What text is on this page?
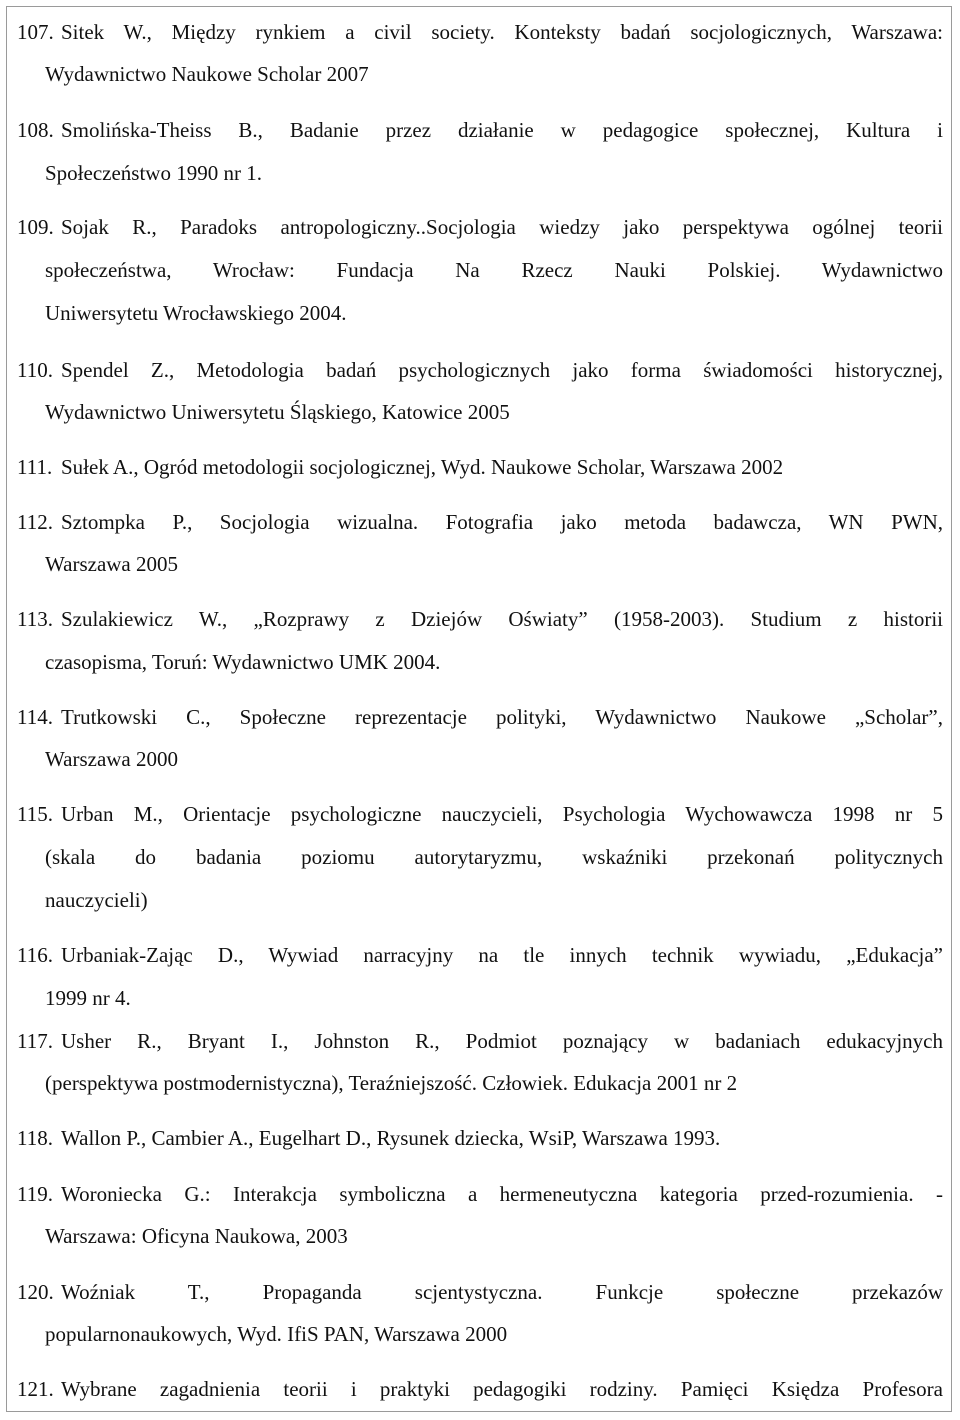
107. Sitek W., Między rynkiem a civil society. Konteksty badań socjologicznych, Warszawa:
Wydawnictwo Naukowe Scholar 2007
108. Smolińska-Theiss B., Badanie przez działanie w pedagogice społecznej, Kultura i
Społeczeństwo 1990 nr 1.
109. Sojak R., Paradoks antropologiczny..Socjologia wiedzy jako perspektywa ogólnej teorii
społeczeństwa, Wrocław: Fundacja Na Rzecz Nauki Polskiej. Wydawnictwo
Uniwersytetu Wrocławskiego 2004.
110. Spendel Z., Metodologia badań psychologicznych jako forma świadomości historycznej,
Wydawnictwo Uniwersytetu Śląskiego, Katowice 2005
111. Sułek A., Ogród metodologii socjologicznej, Wyd. Naukowe Scholar, Warszawa 2002
112. Sztompka P., Socjologia wizualna. Fotografia jako metoda badawcza, WN PWN,
Warszawa 2005
113. Szulakiewicz W., „Rozprawy z Dziejów Oświaty” (1958-2003). Studium z historii
czasopisma, Toruń: Wydawnictwo UMK 2004.
114. Trutkowski C., Społeczne reprezentacje polityki, Wydawnictwo Naukowe „Scholar”,
Warszawa 2000
115. Urban M., Orientacje psychologiczne nauczycieli, Psychologia Wychowawcza 1998 nr 5
(skala do badania poziomu autorytaryzmu, wskaźniki przekonań politycznych
nauczycieli)
116. Urbaniak-Zając D., Wywiad narracyjny na tle innych technik wywiadu, „Edukacja”
1999 nr 4.
117. Usher R., Bryant I., Johnston R., Podmiot poznający w badaniach edukacyjnych
(perspektywa postmodernistyczna), Teraźniejszość. Człowiek. Edukacja 2001 nr 2
118. Wallon P., Cambier A., Eugelhart D., Rysunek dziecka, WsiP, Warszawa 1993.
119. Woroniecka G.: Interakcja symboliczna a hermeneutyczna kategoria przed-rozumienia. -
Warszawa: Oficyna Naukowa, 2003
120. Woźniak T., Propaganda scjentystyczna. Funkcje społeczne przekazów
popularnonaukowych, Wyd. IfiS PAN, Warszawa 2000
121. Wybrane zagadnienia teorii i praktyki pedagogiki rodziny. Pamięci Księdza Profesora
